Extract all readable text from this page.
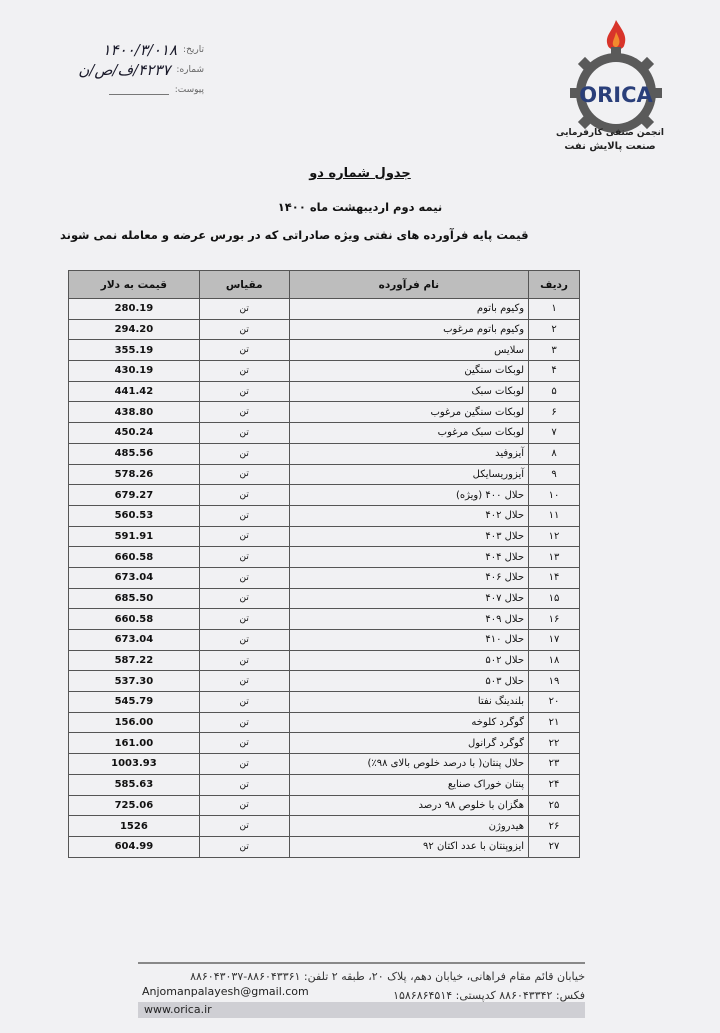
تاریخ:
۱۴۰۰/۳/۰۱۸
شماره:
۴۲۳۷/ف/ص/ن
پیوست:	ORICA
انجمن صنفی کارفرمایی
صنعت پالایش نفت
جدول شماره دو
نیمه دوم اردیبهشت ماه ۱۴۰۰
قیمت پایه فرآورده های نفتی ویژه صادراتی که در بورس عرضه و معامله نمی شوند
ردیف	نام فرآورده	مقیاس	قیمت به دلار
۱	وکیوم باتوم	تن	280.19
۲	وکیوم باتوم مرغوب	تن	294.20
۳	سلایس	تن	355.19
۴	لوبکات سنگین	تن	430.19
۵	لوبکات سبک	تن	441.42
۶	لوبکات سنگین مرغوب	تن	438.80
۷	لوبکات سبک مرغوب	تن	450.24
۸	آیزوفید	تن	485.56
۹	آیزوریسایکل	تن	578.26
۱۰	حلال ۴۰۰ (ویژه)	تن	679.27
۱۱	حلال ۴۰۲	تن	560.53
۱۲	حلال ۴۰۳	تن	591.91
۱۳	حلال ۴۰۴	تن	660.58
۱۴	حلال ۴۰۶	تن	673.04
۱۵	حلال ۴۰۷	تن	685.50
۱۶	حلال ۴۰۹	تن	660.58
۱۷	حلال ۴۱۰	تن	673.04
۱۸	حلال ۵۰۲	تن	587.22
۱۹	حلال ۵۰۳	تن	537.30
۲۰	بلندینگ نفتا	تن	545.79
۲۱	گوگرد کلوخه	تن	156.00
۲۲	گوگرد گرانول	تن	161.00
۲۳	حلال پنتان( با درصد خلوص بالای ۹۸٪)	تن	1003.93
۲۴	پنتان خوراک صنایع	تن	585.63
۲۵	هگزان با خلوص ۹۸ درصد	تن	725.06
۲۶	هیدروژن	تن	1526
۲۷	ایزوپنتان با عدد اکتان ۹۲	تن	604.99
خیابان قائم مقام فراهانی، خیابان دهم، پلاک ۲۰، طبقه ۲ تلفن: ۸۸۶۰۴۳۳۶۱-۸۸۶۰۴۳۰۳۷
فکس: ۸۸۶۰۴۳۳۴۲ کدپستی: ۱۵۸۶۸۶۴۵۱۴
Anjomanpalayesh@gmail.com
www.orica.ir
